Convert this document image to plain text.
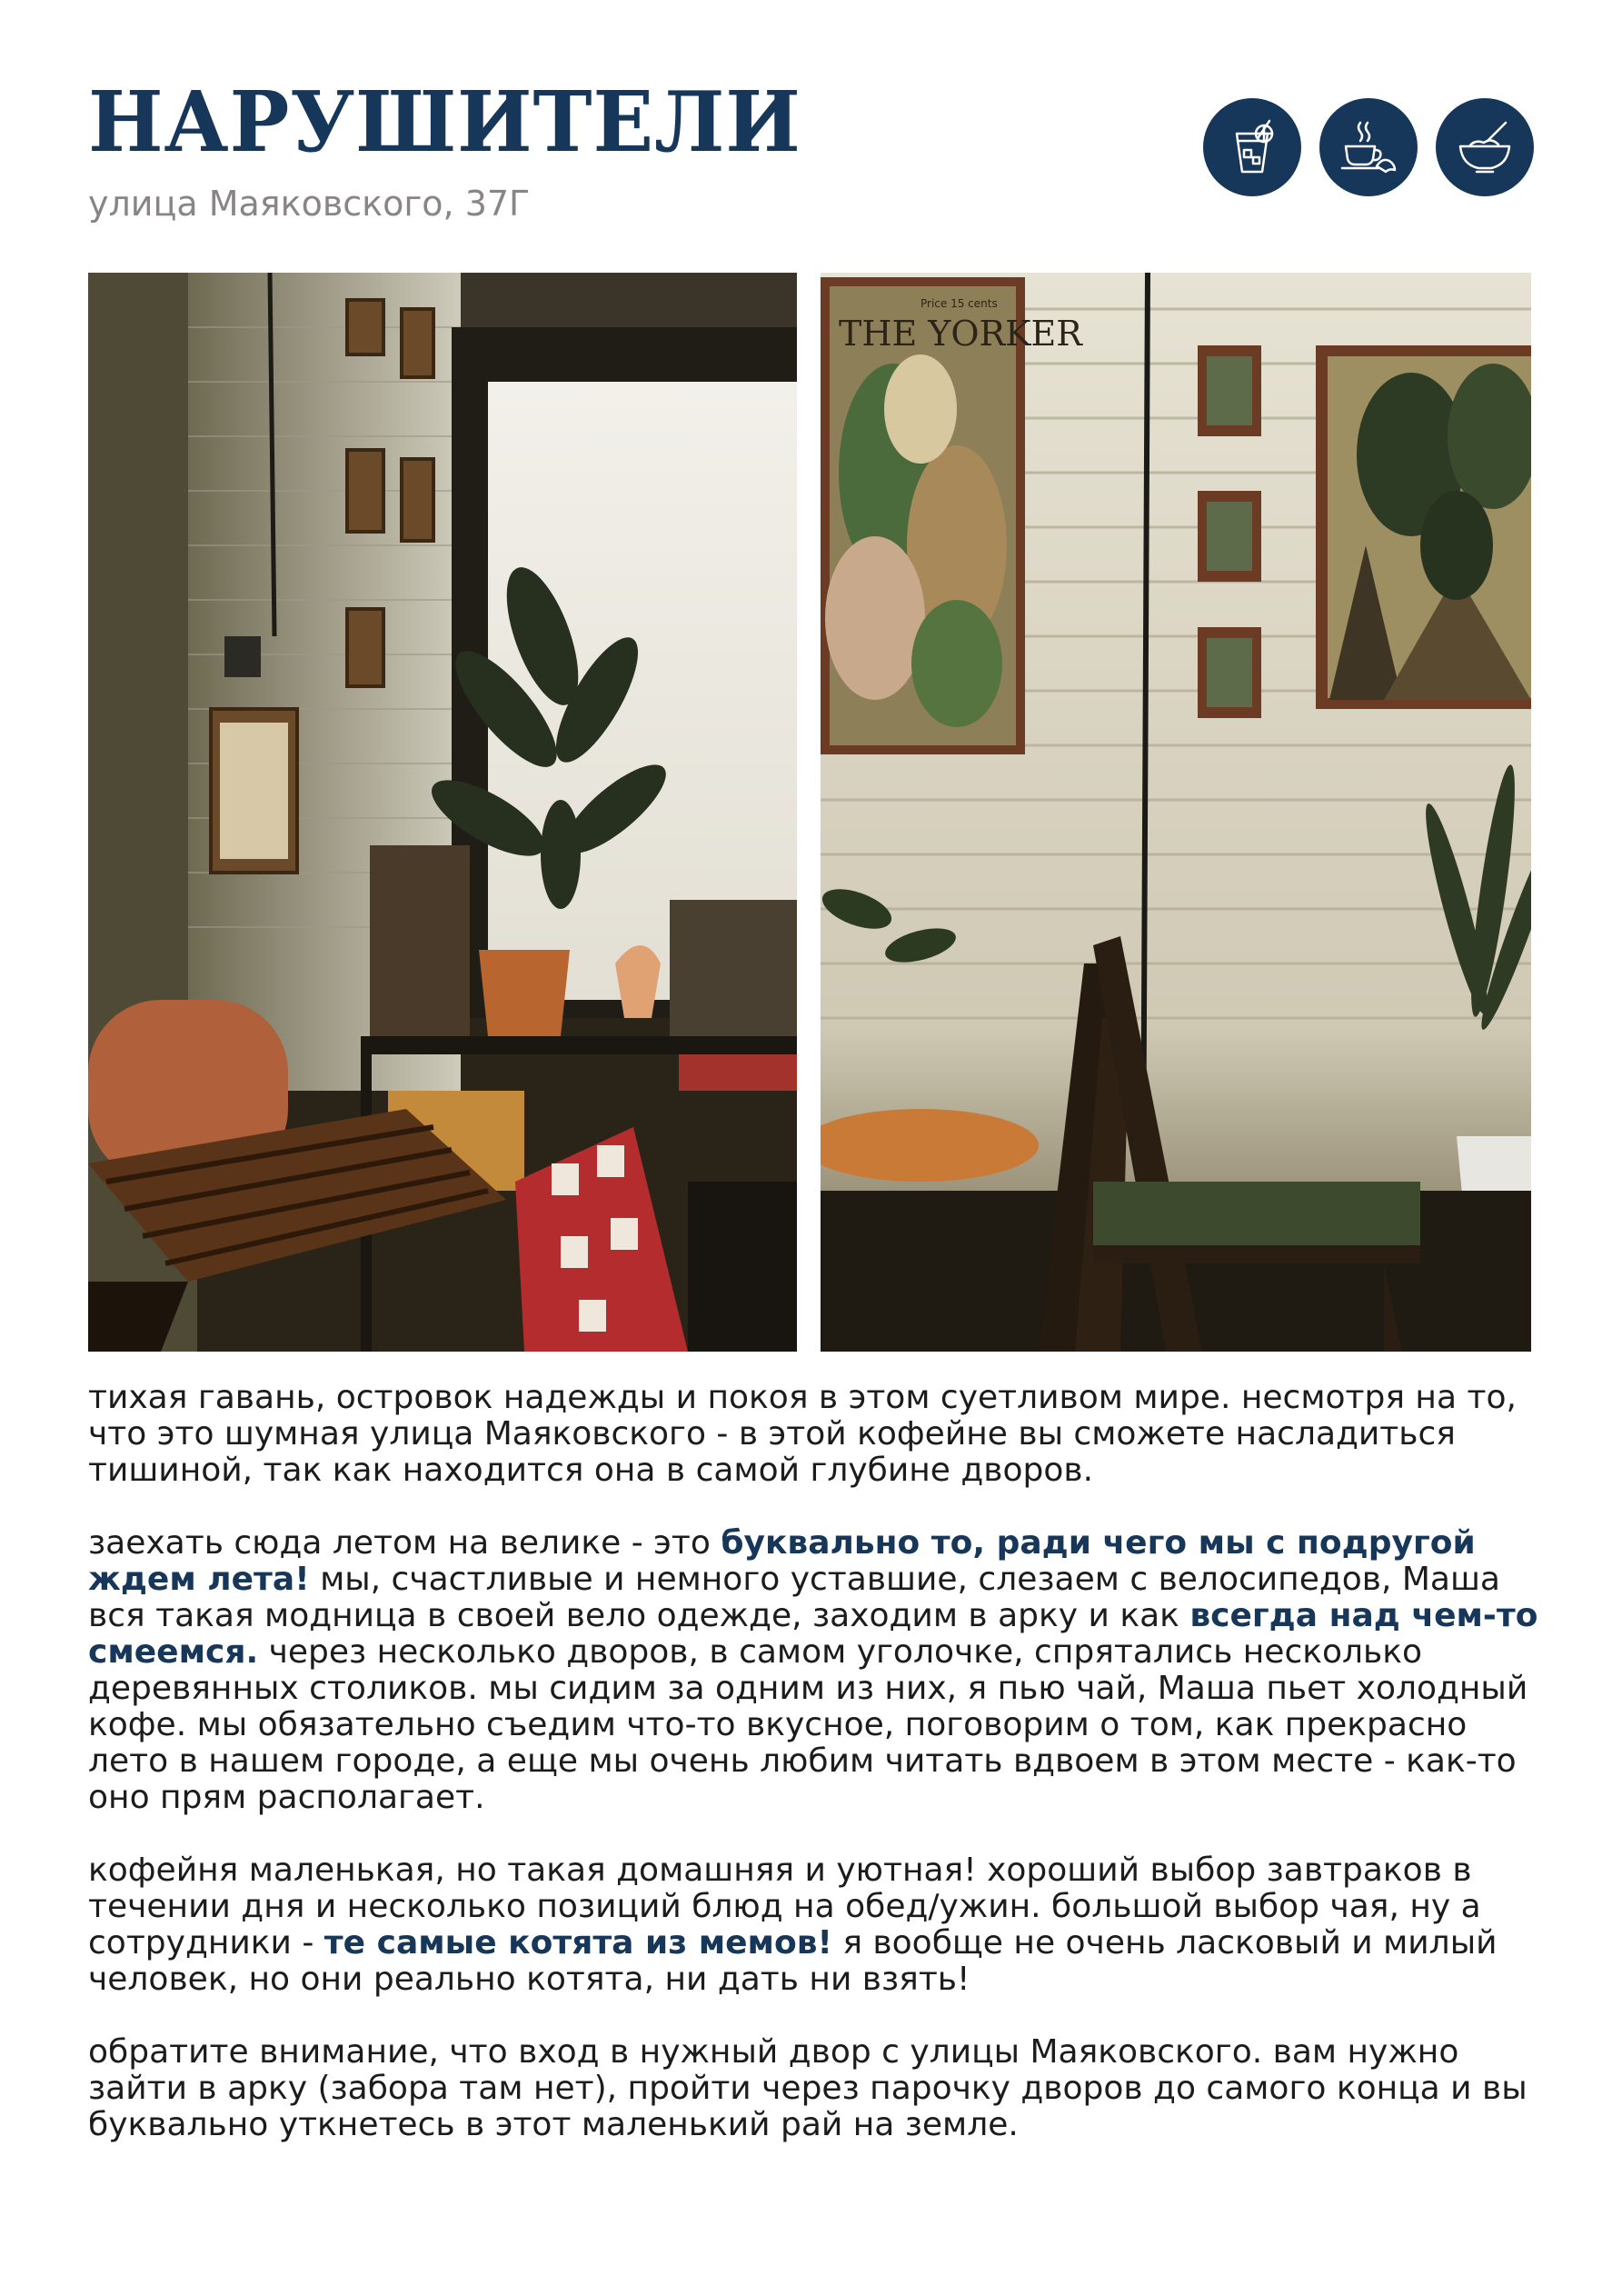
НАРУШИТЕЛИ
улица Маяковского, 37Г
THE YORKER
Price 15 cents

тихая гавань, островок надежды и покоя в этом суетливом мире. несмотря на то, что это шумная улица Маяковского - в этой кофейне вы сможете насладиться тишиной, так как находится она в самой глубине дворов.

заехать сюда летом на велике - это буквально то, ради чего мы с подругой ждем лета! мы, счастливые и немного уставшие, слезаем с велосипедов, Маша вся такая модница в своей вело одежде, заходим в арку и как всегда над чем-то смеемся. через несколько дворов, в самом уголочке, спрятались несколько деревянных столиков. мы сидим за одним из них, я пью чай, Маша пьет холодный кофе. мы обязательно съедим что-то вкусное, поговорим о том, как прекрасно лето в нашем городе, а еще мы очень любим читать вдвоем в этом месте - как-то оно прям располагает.

кофейня маленькая, но такая домашняя и уютная! хороший выбор завтраков в течении дня и несколько позиций блюд на обед/ужин. большой выбор чая, ну а сотрудники - те самые котята из мемов! я вообще не очень ласковый и милый человек, но они реально котята, ни дать ни взять!

обратите внимание, что вход в нужный двор с улицы Маяковского. вам нужно зайти в арку (забора там нет), пройти через парочку дворов до самого конца и вы буквально уткнетесь в этот маленький рай на земле.
